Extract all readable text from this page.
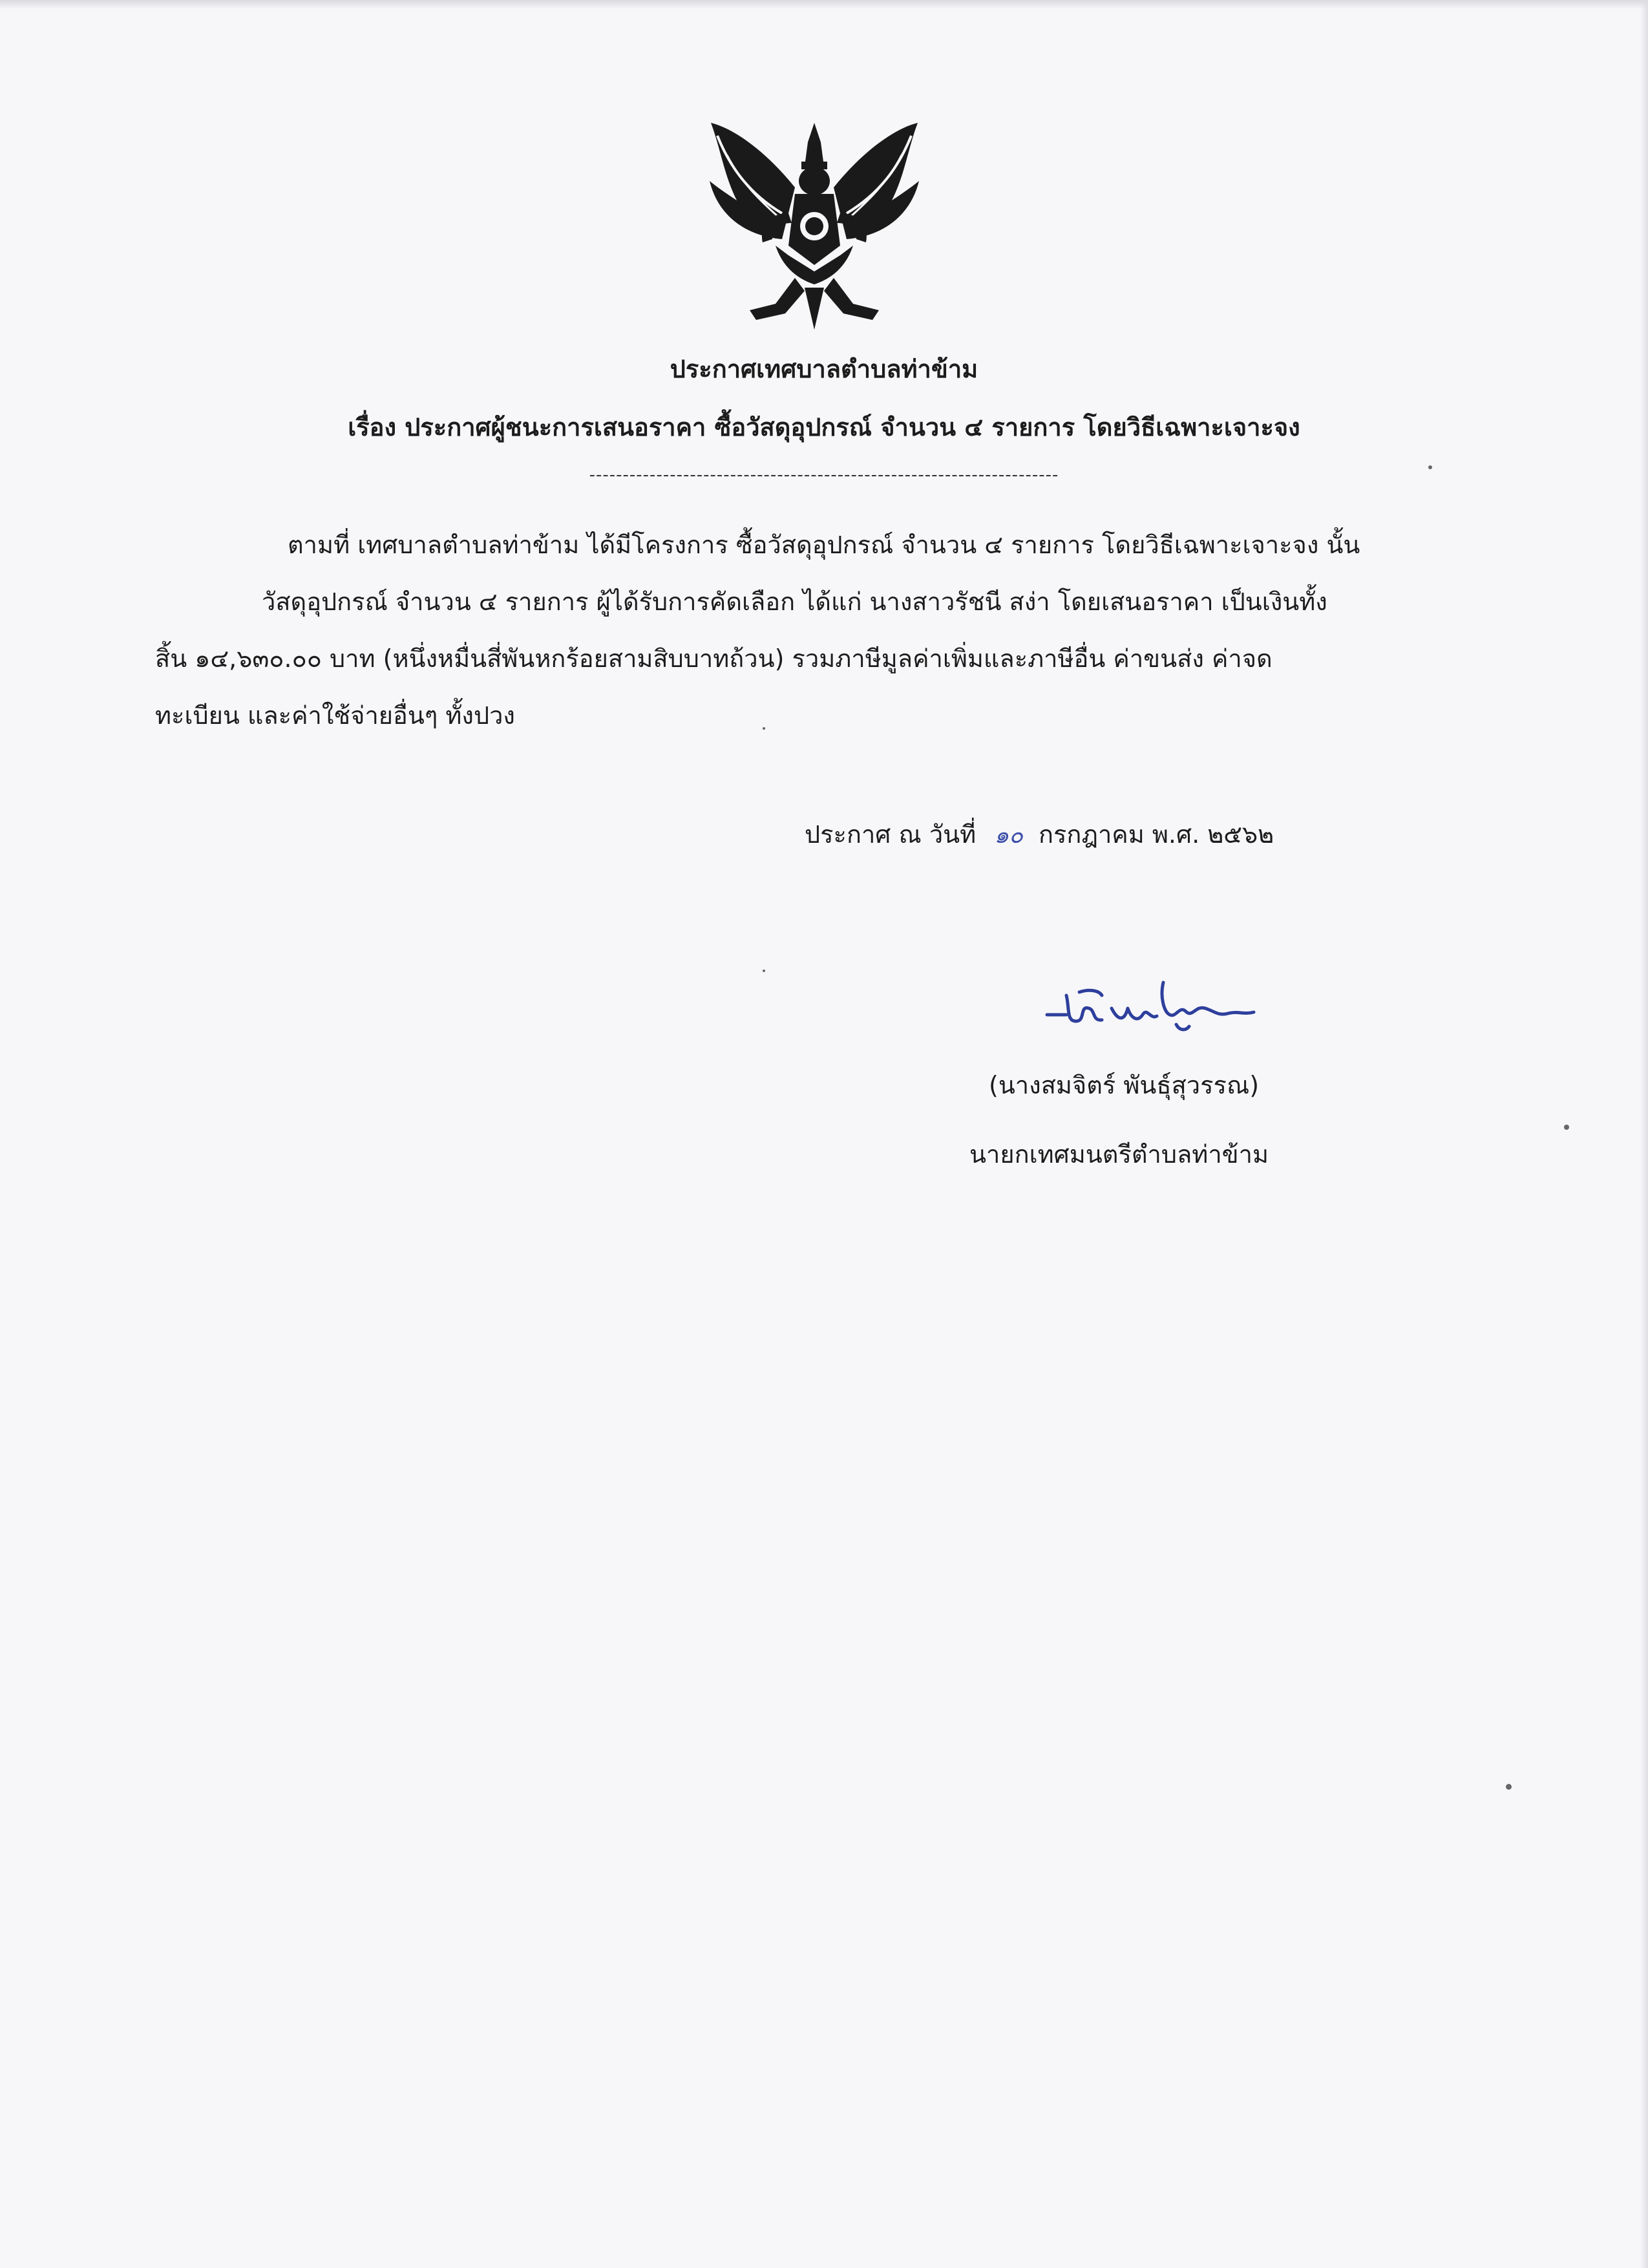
ประกาศเทศบาลตำบลท่าข้าม
เรื่อง ประกาศผู้ชนะการเสนอราคา ซื้อวัสดุอุปกรณ์ จำนวน ๔ รายการ โดยวิธีเฉพาะเจาะจง
----------------------------------------------------------------------
ตามที่ เทศบาลตำบลท่าข้าม ได้มีโครงการ ซื้อวัสดุอุปกรณ์ จำนวน ๔ รายการ โดยวิธีเฉพาะเจาะจง นั้น
วัสดุอุปกรณ์ จำนวน ๔ รายการ ผู้ได้รับการคัดเลือก ได้แก่ นางสาวรัชนี สง่า โดยเสนอราคา เป็นเงินทั้ง
สิ้น ๑๔,๖๓๐.๐๐ บาท (หนึ่งหมื่นสี่พันหกร้อยสามสิบบาทถ้วน) รวมภาษีมูลค่าเพิ่มและภาษีอื่น ค่าขนส่ง ค่าจด
ทะเบียน และค่าใช้จ่ายอื่นๆ ทั้งปวง
ประกาศ ณ วันที่ ๑๐ กรกฎาคม พ.ศ. ๒๕๖๒
(นางสมจิตร์ พันธุ์สุวรรณ)
นายกเทศมนตรีตำบลท่าข้าม
